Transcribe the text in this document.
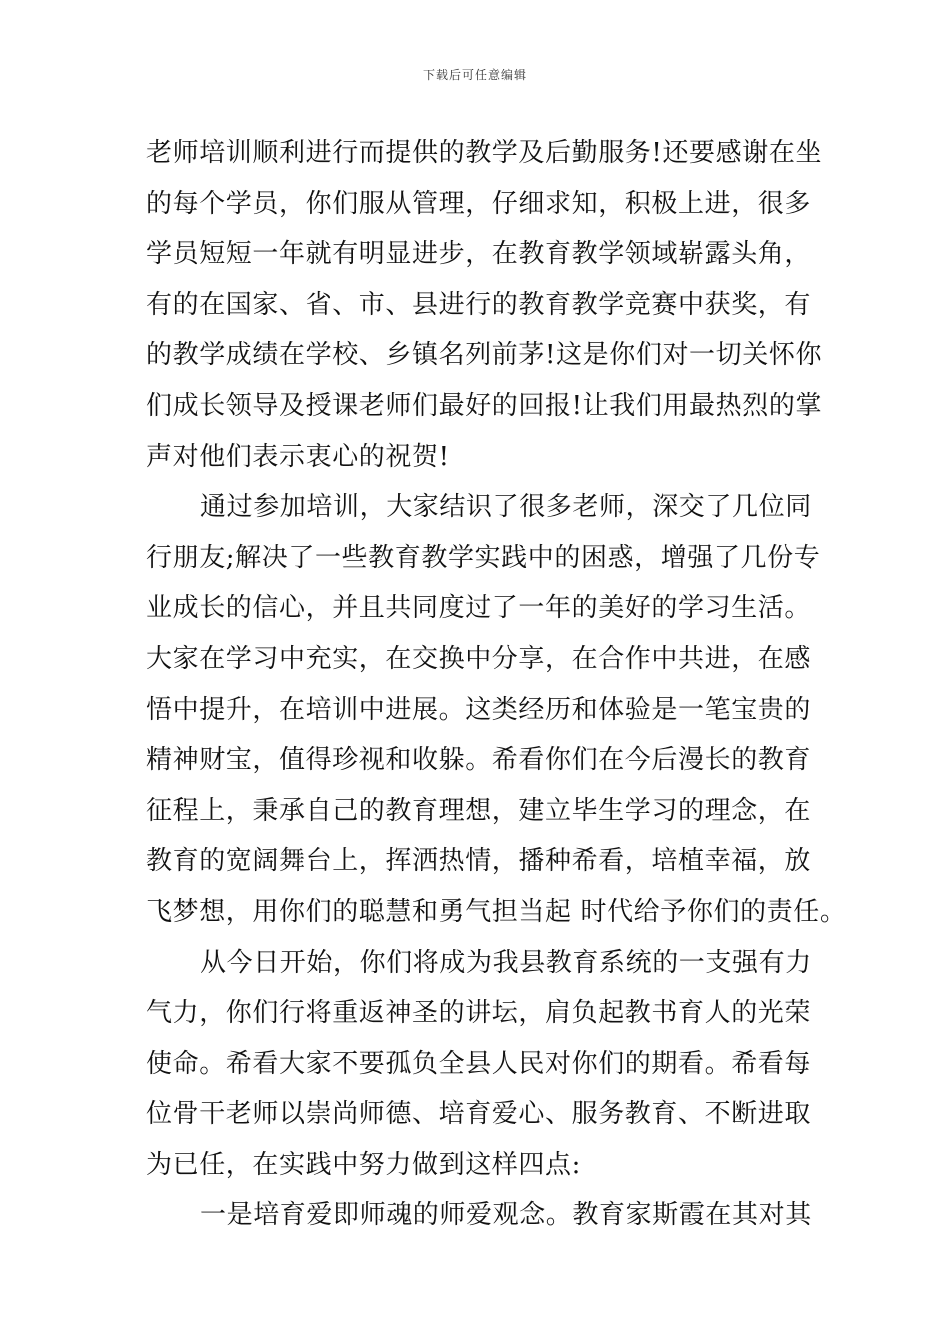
下载后可任意编辑
老师培训顺利进行而提供的教学及后勤服务!还要感谢在坐
的每个学员，你们服从管理，仔细求知，积极上进，很多
学员短短一年就有明显进步，在教育教学领域崭露头角，
有的在国家、省、市、县进行的教育教学竞赛中获奖，有
的教学成绩在学校、乡镇名列前茅!这是你们对一切关怀你
们成长领导及授课老师们最好的回报!让我们用最热烈的掌
声对他们表示衷心的祝贺!
通过参加培训，大家结识了很多老师，深交了几位同
行朋友;解决了一些教育教学实践中的困惑，增强了几份专
业成长的信心，并且共同度过了一年的美好的学习生活。
大家在学习中充实，在交换中分享，在合作中共进，在感
悟中提升，在培训中进展。这类经历和体验是一笔宝贵的
精神财宝，值得珍视和收躲。希看你们在今后漫长的教育
征程上，秉承自己的教育理想，建立毕生学习的理念，在
教育的宽阔舞台上，挥洒热情，播种希看，培植幸福，放
飞梦想，用你们的聪慧和勇气担当起 时代给予你们的责任。
从今日开始，你们将成为我县教育系统的一支强有力
气力，你们行将重返神圣的讲坛，肩负起教书育人的光荣
使命。希看大家不要孤负全县人民对你们的期看。希看每
位骨干老师以崇尚师德、培育爱心、服务教育、不断进取
为已任，在实践中努力做到这样四点:
一是培育爱即师魂的师爱观念。教育家斯霞在其对其
